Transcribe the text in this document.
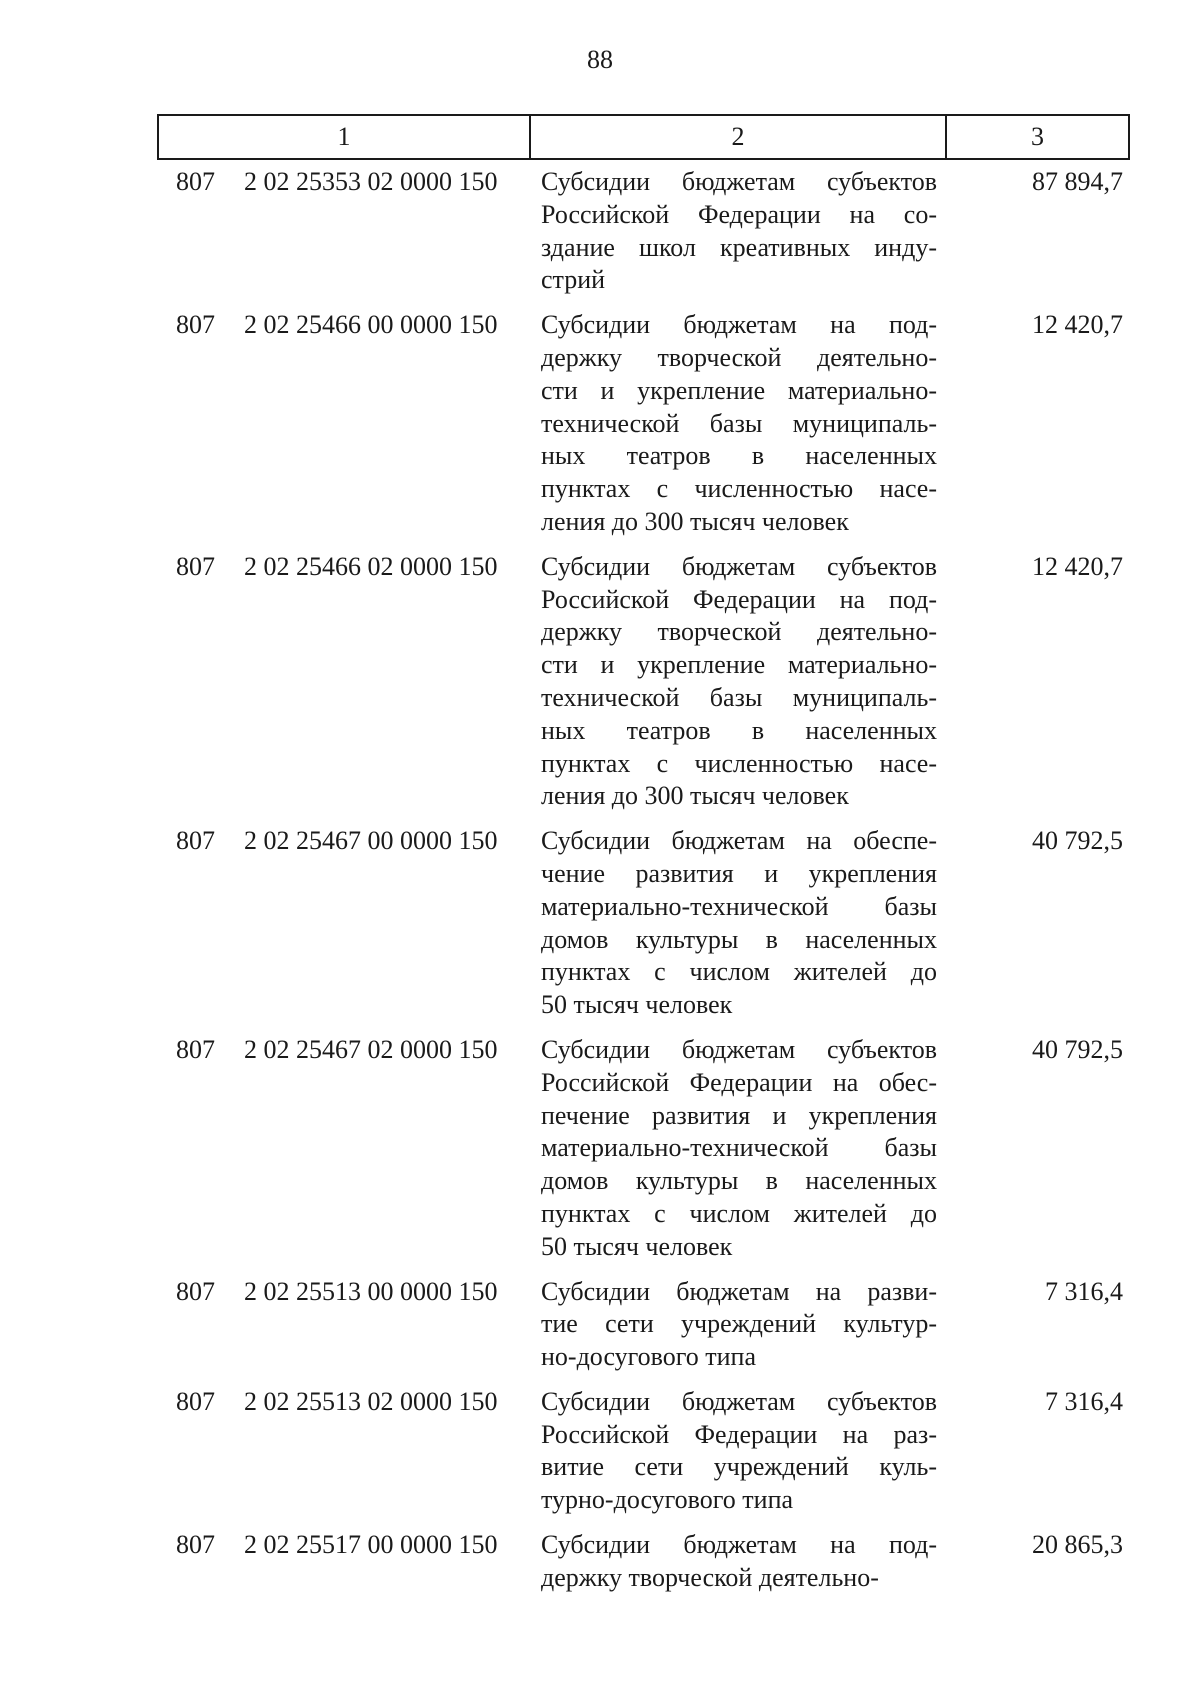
88
1	2	3
807 2 02 25353 02 0000 150 Субсидии бюджетам субъектов
Российской Федерации на со-
здание школ креативных инду-
стрий
87 894,7
807 2 02 25466 00 0000 150 Субсидии бюджетам на под-
держку творческой деятельно-
сти и укрепление материально-
технической базы муниципаль-
ных театров в населенных
пунктах с численностью насе-
ления до 300 тысяч человек
12 420,7
807 2 02 25466 02 0000 150 Субсидии бюджетам субъектов
Российской Федерации на под-
держку творческой деятельно-
сти и укрепление материально-
технической базы муниципаль-
ных театров в населенных
пунктах с численностью насе-
ления до 300 тысяч человек
12 420,7
807 2 02 25467 00 0000 150 Субсидии бюджетам на обеспе-
чение развития и укрепления
материально-технической базы
домов культуры в населенных
пунктах с числом жителей до
50 тысяч человек
40 792,5
807 2 02 25467 02 0000 150 Субсидии бюджетам субъектов
Российской Федерации на обес-
печение развития и укрепления
материально-технической базы
домов культуры в населенных
пунктах с числом жителей до
50 тысяч человек
40 792,5
807 2 02 25513 00 0000 150 Субсидии бюджетам на разви-
тие сети учреждений культур-
но-досугового типа
7 316,4
807 2 02 25513 02 0000 150 Субсидии бюджетам субъектов
Российской Федерации на раз-
витие сети учреждений куль-
турно-досугового типа
7 316,4
807 2 02 25517 00 0000 150 Субсидии бюджетам на под-
держку творческой деятельно-
20 865,3
